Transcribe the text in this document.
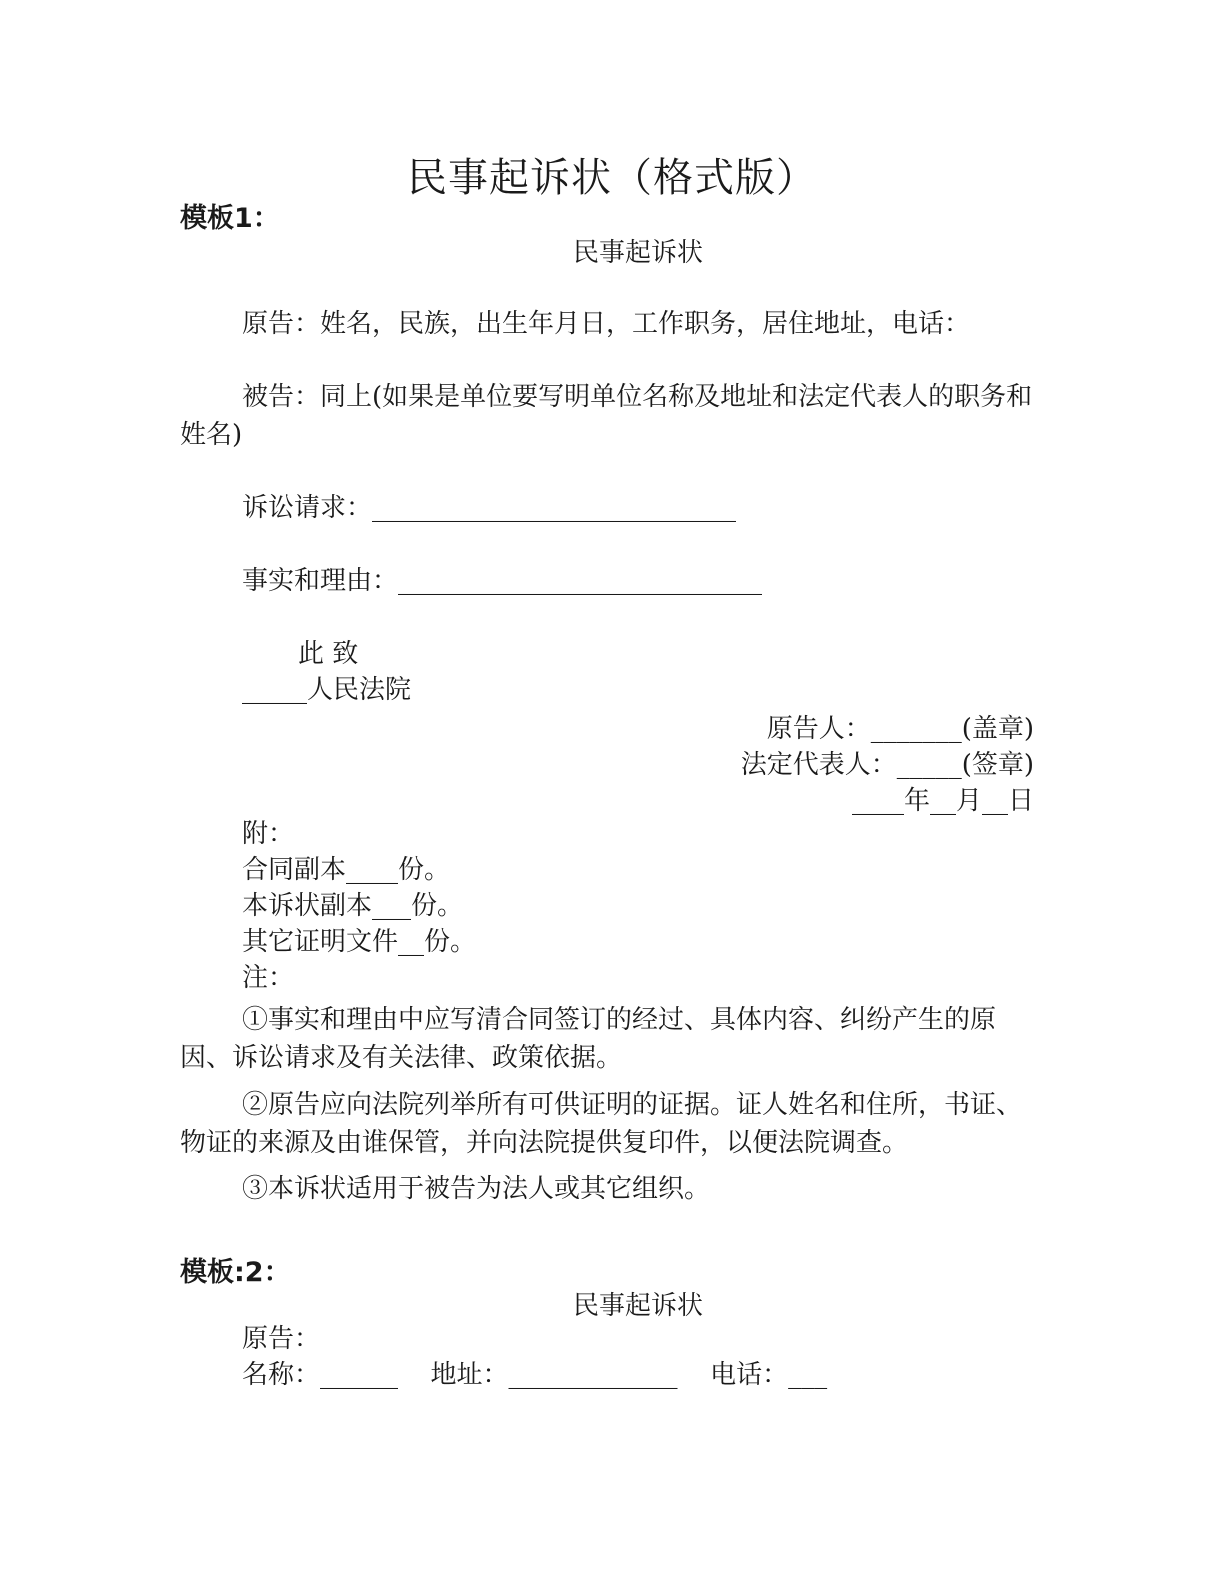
民事起诉状（格式版）
模板1：
民事起诉状
原告：姓名，民族，出生年月日，工作职务，居住地址，电话：
被告：同上(如果是单位要写明单位名称及地址和法定代表人的职务和姓名)
诉讼请求：____________________________
事实和理由：____________________________
此 致
_____人民法院
原告人：_______(盖章)
法定代表人：_____(签章)
____年__月__日
附：
合同副本____份。
本诉状副本___份。
其它证明文件__份。
注：
①事实和理由中应写清合同签订的经过、具体内容、纠纷产生的原因、诉讼请求及有关法律、政策依据。
②原告应向法院列举所有可供证明的证据。证人姓名和住所，书证、物证的来源及由谁保管，并向法院提供复印件，以便法院调查。
③本诉状适用于被告为法人或其它组织。
模板:2：
民事起诉状
原告：
名称：______ 地址：_____________ 电话：___
